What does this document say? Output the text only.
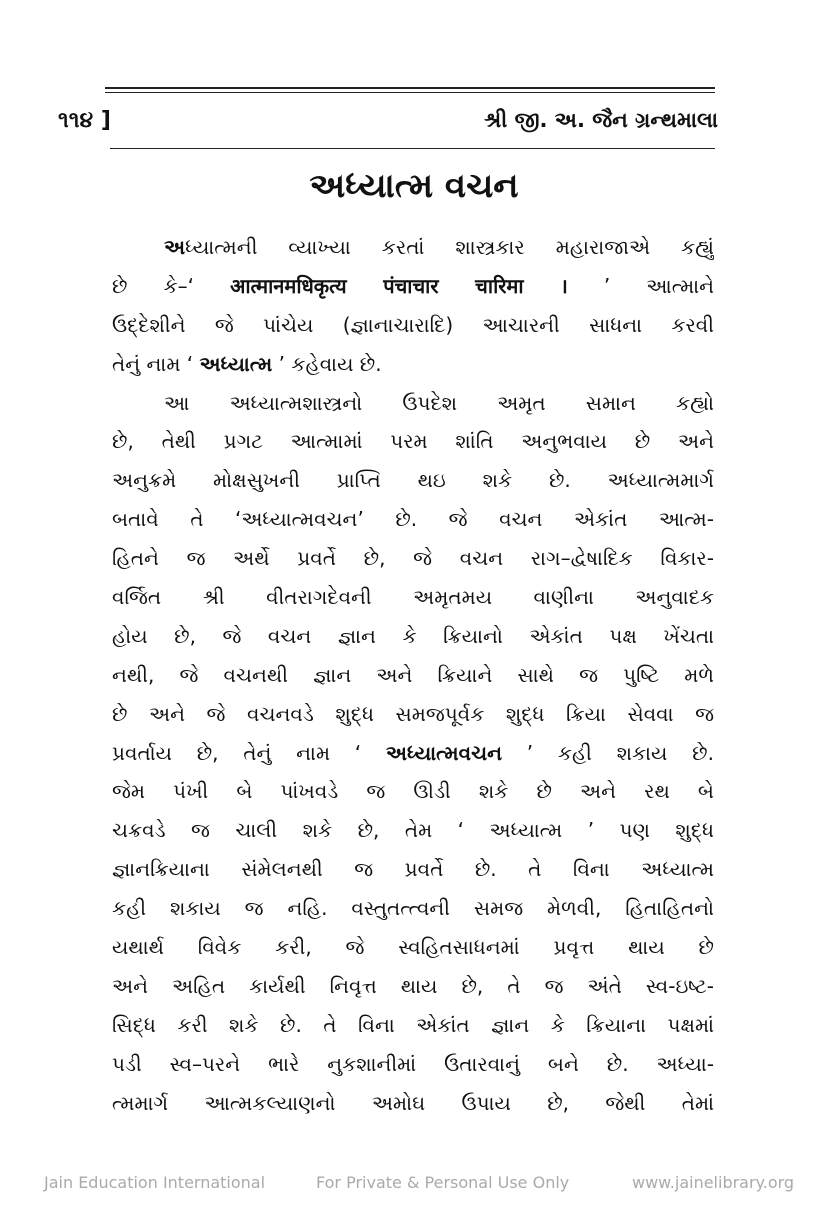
૧૧૪ ]	શ્રી જી. અ. જૈન ગ્રન્થમાલા
અધ્યાત્મ વચન
અધ્યાત્મની વ્યાખ્યા કરતાં શાસ્ત્રકાર મહારાજાએ કહ્યું
છે કે–‘ आत्मानमधिकृत्य पंचाचार चारिमा । ’ આત્માને
ઉદ્દેશીને જે પાંચેય (જ્ઞાનાચારાદિ) આચારની સાધના કરવી
તેનું નામ ‘ અધ્યાત્મ ’ કહેવાય છે.
આ અધ્યાત્મશાસ્ત્રનો ઉપદેશ અમૃત સમાન કહ્યો
છે, તેથી પ્રગટ આત્મામાં પરમ શાંતિ અનુભવાય છે અને
અનુક્રમે મોક્ષસુખની પ્રાપ્તિ થઇ શકે છે. અધ્યાત્મમાર્ગ
બતાવે તે ‘અધ્યાત્મવચન’ છે. જે વચન એકાંત આત્મ-
હિતને જ અર્થે પ્રવર્તે છે, જે વચન રાગ–દ્વેષાદિક વિકાર-
વર્જિત શ્રી વીતરાગદેવની અમૃતમય વાણીના અનુવાદક
હોય છે, જે વચન જ્ઞાન કે ક્રિયાનો એકાંત પક્ષ ખેંચતા
નથી, જે વચનથી જ્ઞાન અને ક્રિયાને સાથે જ પુષ્ટિ મળે
છે અને જે વચનવડે શુદ્ધ સમજપૂર્વક શુદ્ધ ક્રિયા સેવવા જ
પ્રવર્તાય છે, તેનું નામ ‘ અધ્યાત્મવચન ’ કહી શકાય છે.
જેમ પંખી બે પાંખવડે જ ઊડી શકે છે અને રથ બે
ચક્રવડે જ ચાલી શકે છે, તેમ ‘ અધ્યાત્મ ’ પણ શુદ્ધ
જ્ઞાનક્રિયાના સંમેલનથી જ પ્રવર્તે છે. તે વિના અધ્યાત્મ
કહી શકાય જ નહિ. વસ્તુતત્ત્વની સમજ મેળવી, હિતાહિતનો
યથાર્થ વિવેક કરી, જે સ્વહિતસાધનમાં પ્રવૃત્ત થાય છે
અને અહિત કાર્યથી નિવૃત્ત થાય છે, તે જ અંતે સ્વ-ઇષ્ટ-
સિદ્ધ કરી શકે છે. તે વિના એકાંત જ્ઞાન કે ક્રિયાના પક્ષમાં
પડી સ્વ–પરને ભારે નુકશાનીમાં ઉતારવાનું બને છે. અધ્યા-
ત્મમાર્ગ આત્મકલ્યાણનો અમોઘ ઉપાય છે, જેથી તેમાં
Jain Education International	For Private & Personal Use Only	www.jainelibrary.org
